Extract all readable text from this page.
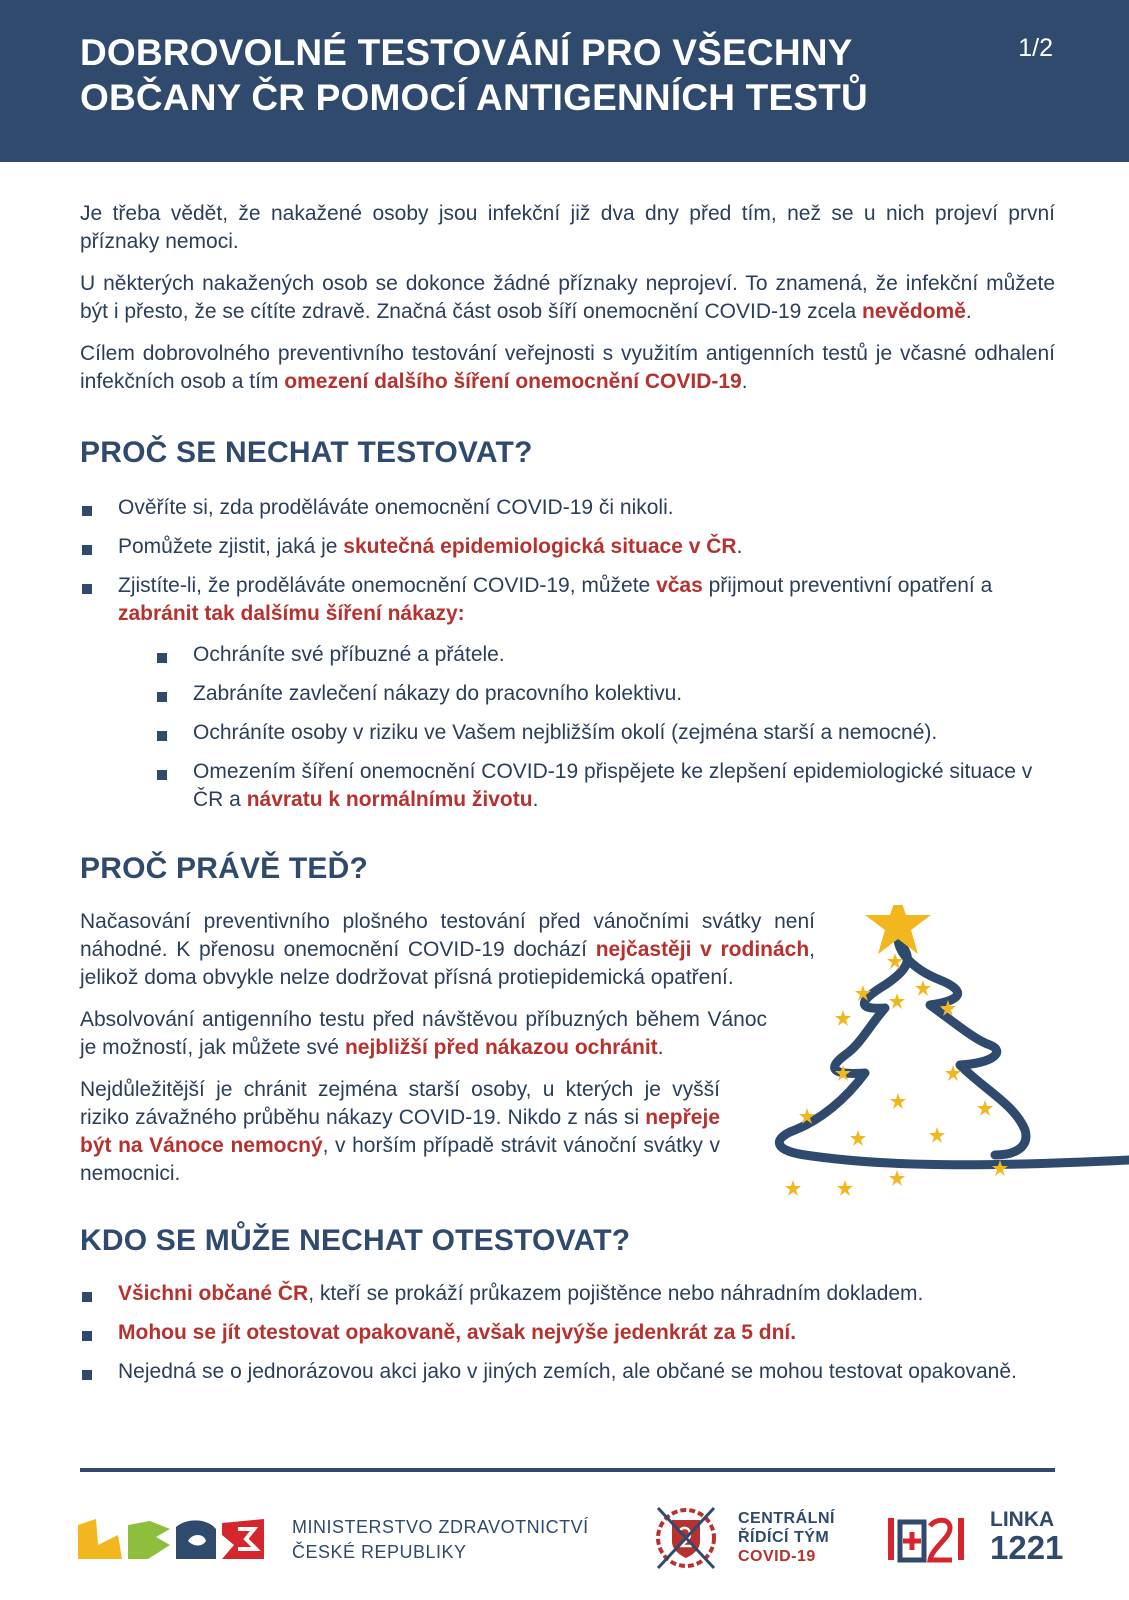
DOBROVOLNÉ TESTOVÁNÍ PRO VŠECHNY
OBČANY ČR POMOCÍ ANTIGENNÍCH TESTŮ
1/2

Je třeba vědět, že nakažené osoby jsou infekční již dva dny před tím, než se u nich projeví první příznaky nemoci.

U některých nakažených osob se dokonce žádné příznaky neprojeví. To znamená, že infekční můžete být i přesto, že se cítíte zdravě. Značná část osob šíří onemocnění COVID-19 zcela nevědomě.

Cílem dobrovolného preventivního testování veřejnosti s využitím antigenních testů je včasné odhalení infekčních osob a tím omezení dalšího šíření onemocnění COVID-19.

PROČ SE NECHAT TESTOVAT?
Ověříte si, zda proděláváte onemocnění COVID-19 či nikoli.
Pomůžete zjistit, jaká je skutečná epidemiologická situace v ČR.
Zjistíte-li, že proděláváte onemocnění COVID-19, můžete včas přijmout preventivní opatření a zabránit tak dalšímu šíření nákazy:
Ochráníte své příbuzné a přátele.
Zabráníte zavlečení nákazy do pracovního kolektivu.
Ochráníte osoby v riziku ve Vašem nejbližším okolí (zejména starší a nemocné).
Omezením šíření onemocnění COVID-19 přispějete ke zlepšení epidemiologické situace v ČR a návratu k normálnímu životu.
PROČ PRÁVĚ TEĎ?

Načasování preventivního plošného testování před vánočními svátky není náhodné. K přenosu onemocnění COVID-19 dochází nejčastěji v rodinách, jelikož doma obvykle nelze dodržovat přísná protiepidemická opatření.

Absolvování antigenního testu před návštěvou příbuzných během Vánoc je možností, jak můžete své nejbližší před nákazou ochránit.

Nejdůležitější je chránit zejména starší osoby, u kterých je vyšší riziko závažného průběhu nákazy COVID-19. Nikdo z nás si nepřeje být na Vánoce nemocný, v horším případě strávit vánoční svátky v nemocnici.

KDO SE MŮŽE NECHAT OTESTOVAT?
Všichni občané ČR, kteří se prokáží průkazem pojištěnce nebo náhradním dokladem.
Mohou se jít otestovat opakovaně, avšak nejvýše jedenkrát za 5 dní.
Nejedná se o jednorázovou akci jako v jiných zemích, ale občané se mohou testovat opakovaně.
MINISTERSTVO ZDRAVOTNICTVÍ
ČESKÉ REPUBLIKY
CENTRÁLNÍ
ŘÍDÍCÍ TÝM
COVID-19
LINKA
1221
